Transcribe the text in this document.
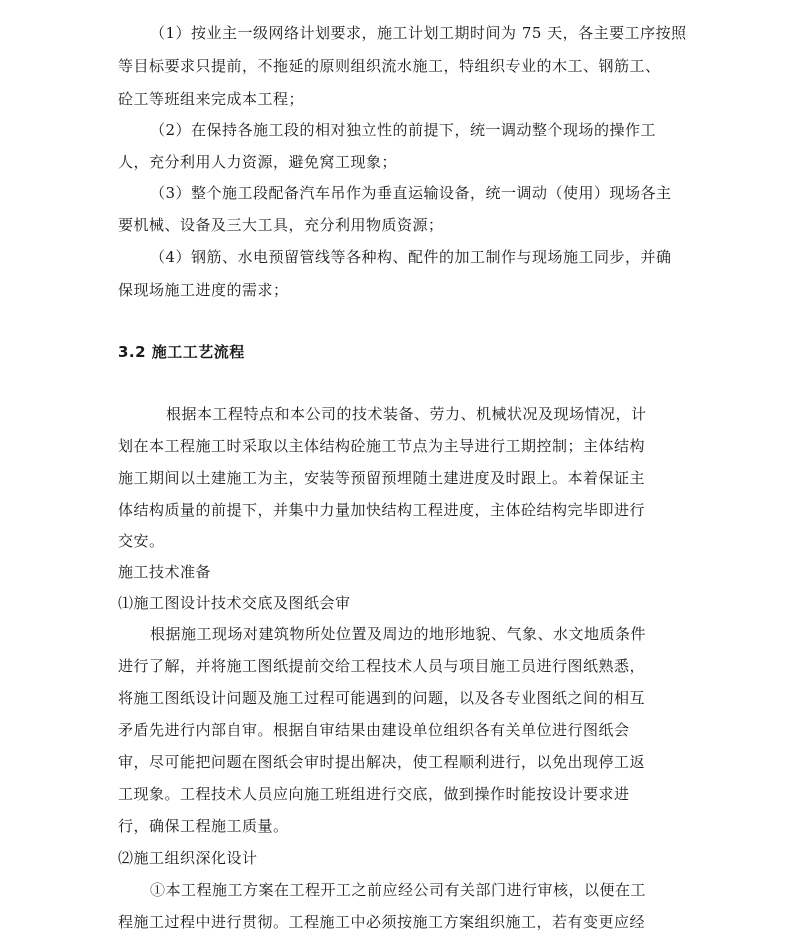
（1）按业主一级网络计划要求，施工计划工期时间为 75 天，各主要工序按照

等目标要求只提前，不拖延的原则组织流水施工，特组织专业的木工、钢筋工、

砼工等班组来完成本工程；

（2）在保持各施工段的相对独立性的前提下，统一调动整个现场的操作工

人，充分利用人力资源，避免窝工现象；

（3）整个施工段配备汽车吊作为垂直运输设备，统一调动（使用）现场各主

要机械、设备及三大工具，充分利用物质资源；

（4）钢筋、水电预留管线等各种构、配件的加工制作与现场施工同步，并确

保现场施工进度的需求；

3.2 施工工艺流程

根据本工程特点和本公司的技术装备、劳力、机械状况及现场情况，计

划在本工程施工时采取以主体结构砼施工节点为主导进行工期控制；主体结构

施工期间以土建施工为主，安装等预留预埋随土建进度及时跟上。本着保证主

体结构质量的前提下，并集中力量加快结构工程进度，主体砼结构完毕即进行

交安。

施工技术准备

⑴施工图设计技术交底及图纸会审

根据施工现场对建筑物所处位置及周边的地形地貌、气象、水文地质条件

进行了解，并将施工图纸提前交给工程技术人员与项目施工员进行图纸熟悉，

将施工图纸设计问题及施工过程可能遇到的问题，以及各专业图纸之间的相互

矛盾先进行内部自审。根据自审结果由建设单位组织各有关单位进行图纸会

审，尽可能把问题在图纸会审时提出解决，使工程顺利进行，以免出现停工返

工现象。工程技术人员应向施工班组进行交底，做到操作时能按设计要求进

行，确保工程施工质量。

⑵施工组织深化设计

①本工程施工方案在工程开工之前应经公司有关部门进行审核，以便在工

程施工过程中进行贯彻。工程施工中必须按施工方案组织施工，若有变更应经
